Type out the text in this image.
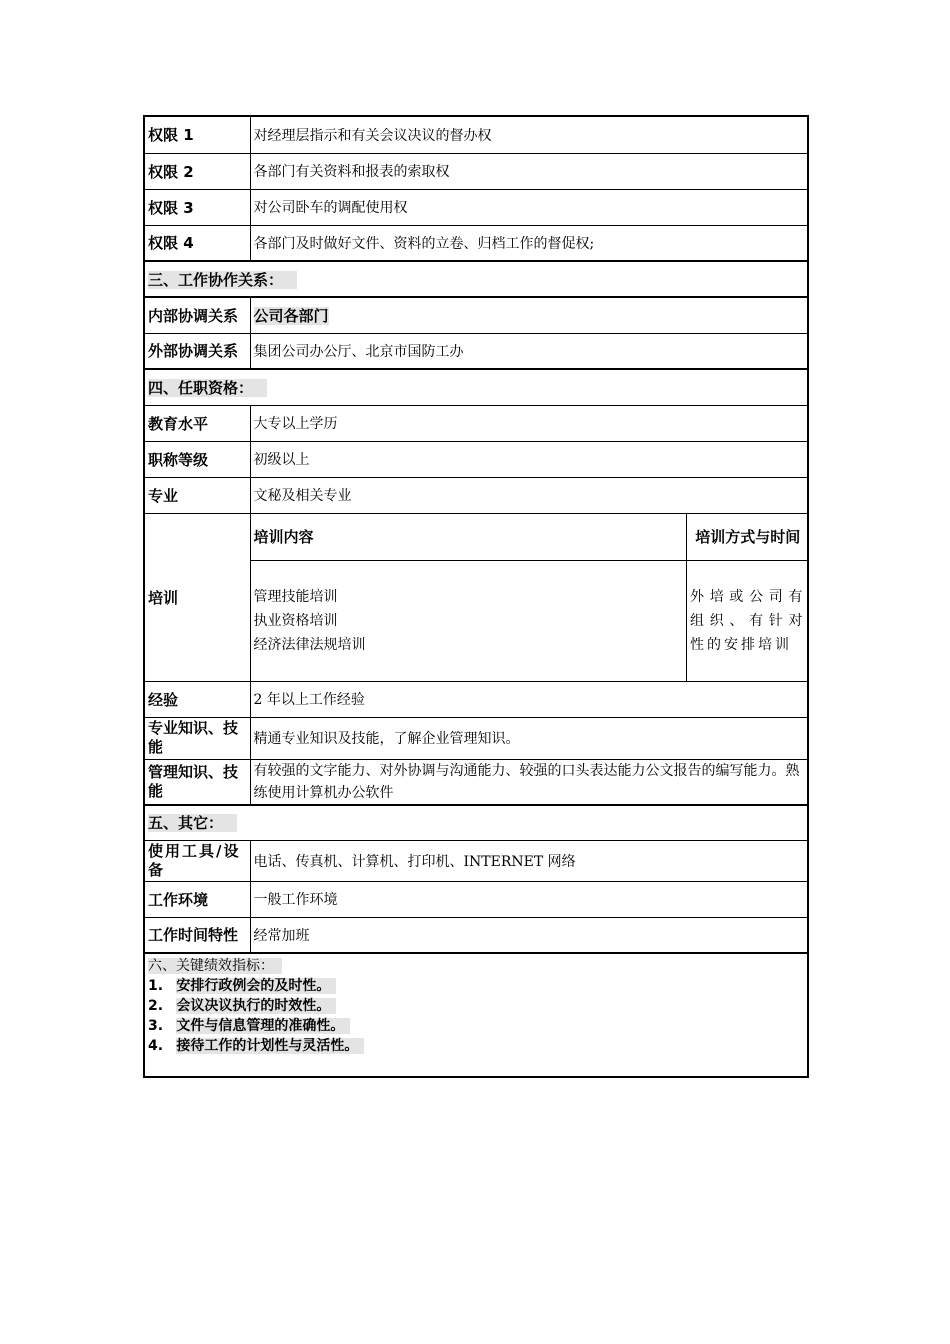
权限 1	对经理层指示和有关会议决议的督办权
权限 2	各部门有关资料和报表的索取权
权限 3	对公司卧车的调配使用权
权限 4	各部门及时做好文件、资料的立卷、归档工作的督促权;
三、工作协作关系：
内部协调关系	公司各部门
外部协调关系	集团公司办公厅、北京市国防工办
四、任职资格：
教育水平	大专以上学历
职称等级	初级以上
专业	文秘及相关专业
培训	
培训内容	培训方式与时间

管理技能培训
执业资格培训
经济法律法规培训
	外培或公司有组织、有针对性的安排培训

经验	2 年以上工作经验
专业知识、技能	精通专业知识及技能，了解企业管理知识。
管理知识、技能	有较强的文字能力、对外协调与沟通能力、较强的口头表达能力公文报告的编写能力。熟练使用计算机办公软件
五、其它：
使用工具/设备	电话、传真机、计算机、打印机、INTERNET 网络
工作环境	一般工作环境
工作时间特性	经常加班

六、关键绩效指标：
1. 安排行政例会的及时性。
2. 会议决议执行的时效性。
3. 文件与信息管理的准确性。
4. 接待工作的计划性与灵活性。
